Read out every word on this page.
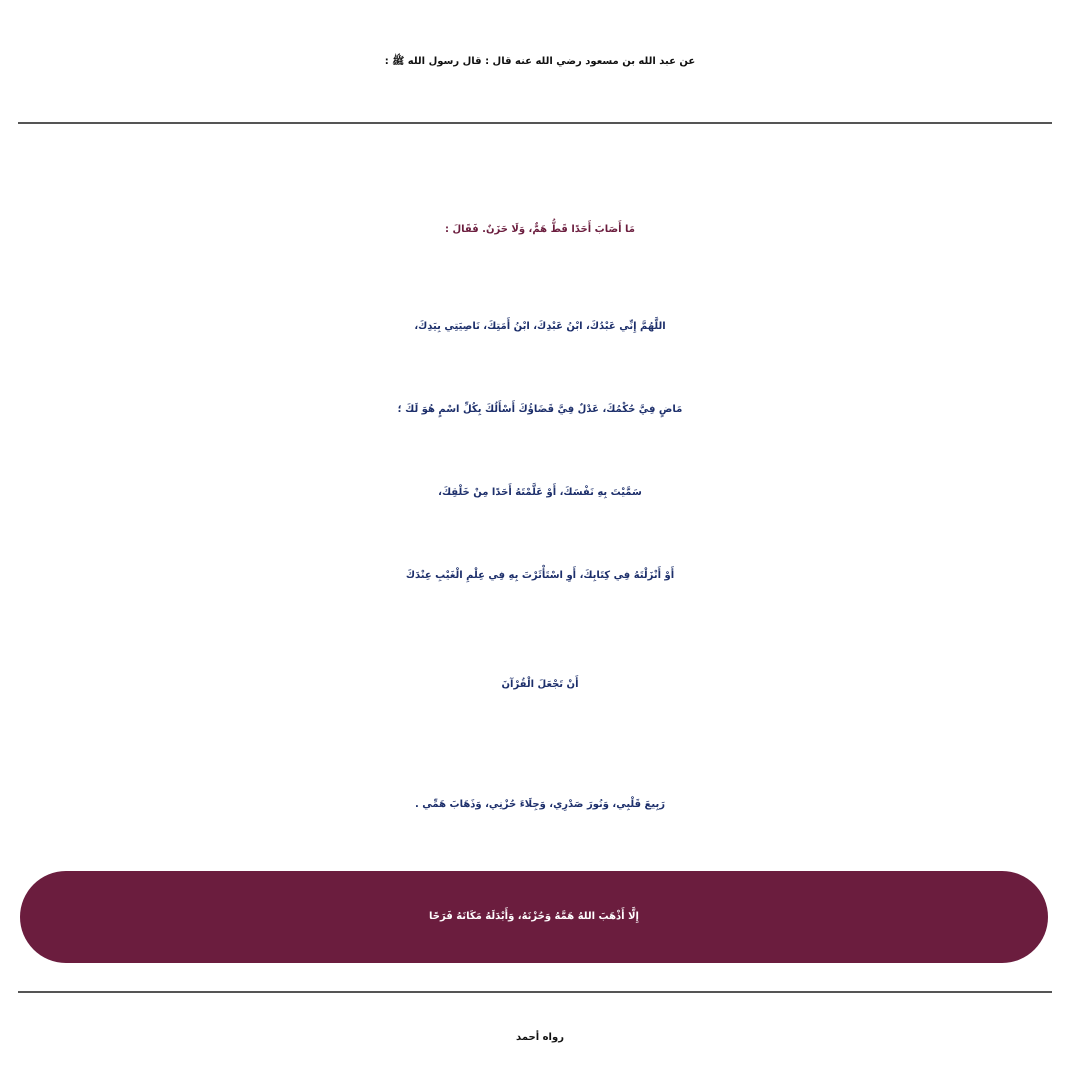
عن عبد الله بن مسعود رضي الله عنه قال : قال رسول الله ﷺ :
مَا أَصَابَ أَحَدًا قَطُّ هَمٌّ، وَلَا حَزَنٌ. فَقَالَ :
اللَّهُمَّ إِنِّي عَبْدُكَ، ابْنُ عَبْدِكَ، ابْنُ أَمَتِكَ، نَاصِيَتِي بِيَدِكَ،
مَاضٍ فِيَّ حُكْمُكَ، عَدْلٌ فِيَّ قَضَاؤُكَ أَسْأَلُكَ بِكُلِّ اسْمٍ هُوَ لَكَ ؛
سَمَّيْتَ بِهِ نَفْسَكَ، أَوْ عَلَّمْتَهُ أَحَدًا مِنْ خَلْقِكَ،
أَوْ أَنْزَلْتَهُ فِي كِتَابِكَ، أَوِ اسْتَأْثَرْتَ بِهِ فِي عِلْمِ الْغَيْبِ عِنْدَكَ
أَنْ تَجْعَلَ الْقُرْآنَ
رَبِيعَ قَلْبِي، وَنُورَ صَدْرِي، وَجِلَاءَ حُزْنِي، وَذَهَابَ هَمِّي .
إِلَّا أَذْهَبَ اللهُ هَمَّهُ وَحُزْنَهُ، وَأَبْدَلَهُ مَكَانَهُ فَرَحًا
رواه أحمد
